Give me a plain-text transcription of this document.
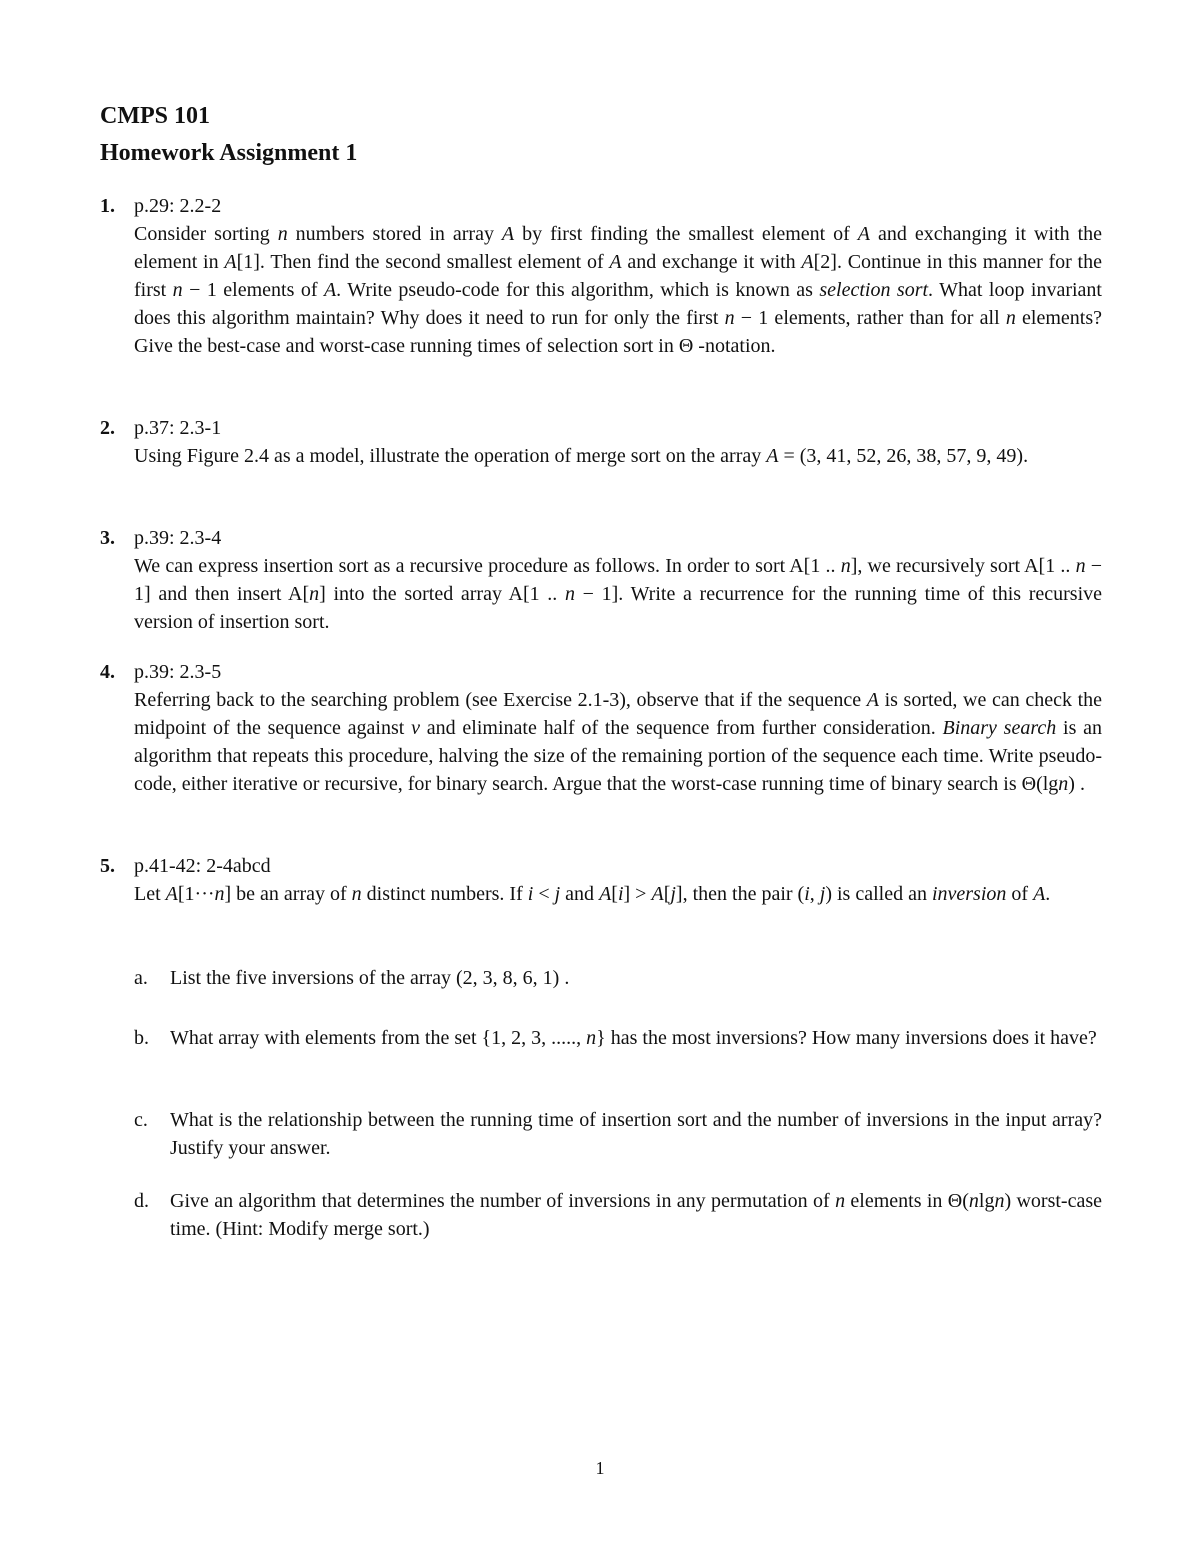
CMPS 101
Homework Assignment 1
1. p.29: 2.2-2

Consider sorting n numbers stored in array A by first finding the smallest element of A and exchanging it with the element in A[1]. Then find the second smallest element of A and exchange it with A[2]. Continue in this manner for the first n − 1 elements of A. Write pseudo-code for this algorithm, which is known as selection sort. What loop invariant does this algorithm maintain? Why does it need to run for only the first n − 1 elements, rather than for all n elements? Give the best-case and worst-case running times of selection sort in Θ -notation.

2. p.37: 2.3-1

Using Figure 2.4 as a model, illustrate the operation of merge sort on the array A = (3, 41, 52, 26, 38, 57, 9, 49).

3. p.39: 2.3-4

We can express insertion sort as a recursive procedure as follows. In order to sort A[1 .. n], we recursively sort A[1 .. n − 1] and then insert A[n] into the sorted array A[1 .. n − 1]. Write a recurrence for the running time of this recursive version of insertion sort.

4. p.39: 2.3-5

Referring back to the searching problem (see Exercise 2.1-3), observe that if the sequence A is sorted, we can check the midpoint of the sequence against v and eliminate half of the sequence from further consideration. Binary search is an algorithm that repeats this procedure, halving the size of the remaining portion of the sequence each time. Write pseudo-code, either iterative or recursive, for binary search. Argue that the worst-case running time of binary search is Θ(lgn) .

5. p.41-42: 2-4abcd

Let A[1···n] be an array of n distinct numbers. If i < j and A[i] > A[j], then the pair (i, j) is called an inversion of A.

a. List the five inversions of the array (2, 3, 8, 6, 1) .
b. What array with elements from the set {1, 2, 3, ....., n} has the most inversions? How many inversions does it have?
c. What is the relationship between the running time of insertion sort and the number of inversions in the input array? Justify your answer.
d. Give an algorithm that determines the number of inversions in any permutation of n elements in Θ(nlgn) worst-case time. (Hint: Modify merge sort.)
1
